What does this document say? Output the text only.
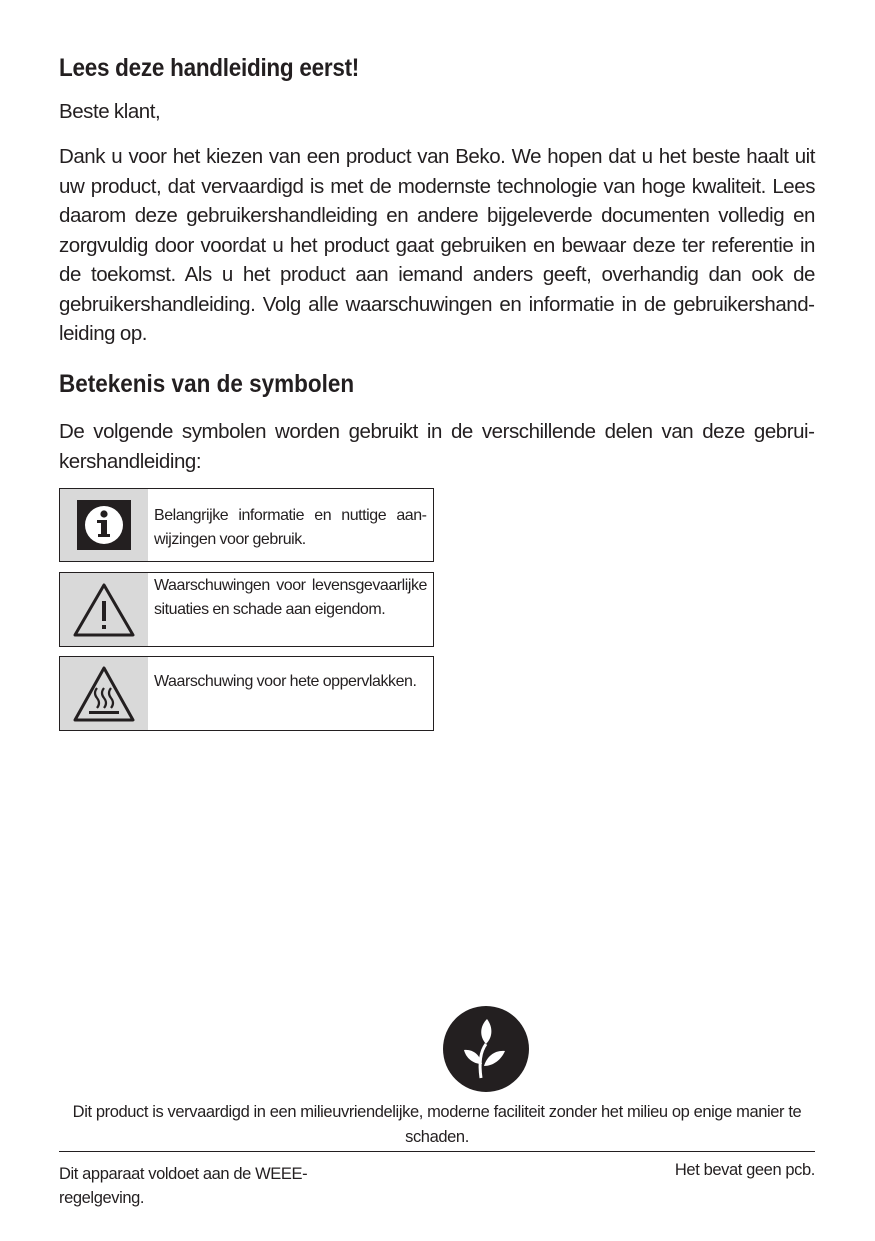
Lees deze handleiding eerst!
Beste klant,
Dank u voor het kiezen van een product van Beko. We hopen dat u het beste haalt uit uw product, dat vervaardigd is met de modernste technologie van hoge kwaliteit. Lees daarom deze gebruikershandleiding en andere bijgeleverde documenten volledig en zorgvuldig door voordat u het product gaat gebruiken en bewaar deze ter referentie in de toekomst. Als u het product aan iemand anders geeft, overhandig dan ook de gebruikershandleiding. Volg alle waarschuwingen en informatie in de gebruikershandleiding op.
Betekenis van de symbolen
De volgende symbolen worden gebruikt in de verschillende delen van deze gebruikershandleiding:
Belangrijke informatie en nuttige aanwijzingen voor gebruik.
Waarschuwingen voor levensgevaarlijke situaties en schade aan eigendom.
Waarschuwing voor hete oppervlakken.
Dit product is vervaardigd in een milieuvriendelijke, moderne faciliteit zonder het milieu op enige manier te schaden.
Dit apparaat voldoet aan de WEEE-regelgeving.
Het bevat geen pcb.
